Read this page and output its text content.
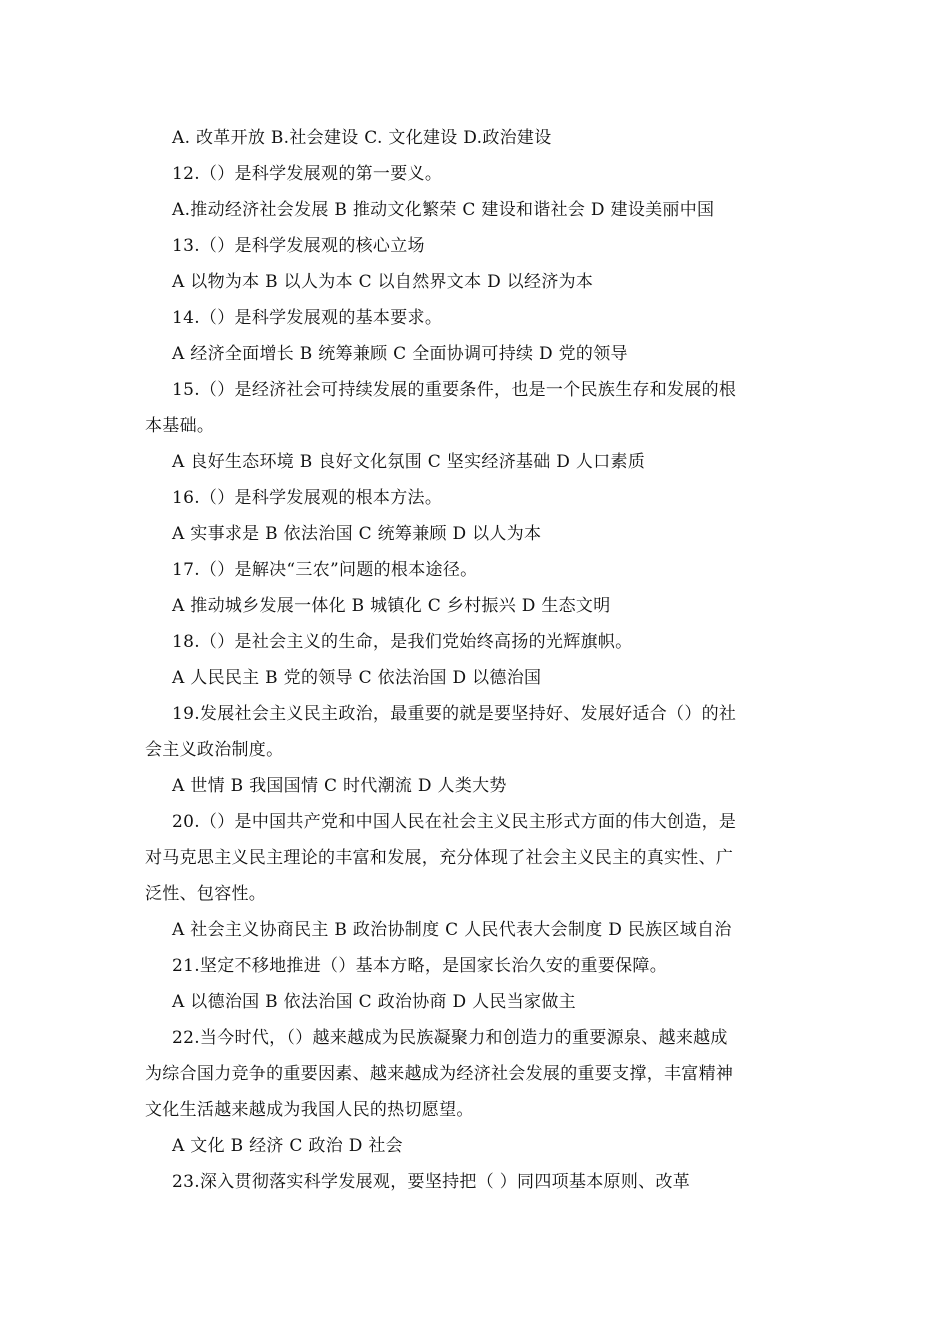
A. 改革开放 B.社会建设 C. 文化建设 D.政治建设
12.（）是科学发展观的第一要义。
A.推动经济社会发展 B 推动文化繁荣 C 建设和谐社会 D 建设美丽中国
13.（）是科学发展观的核心立场
A 以物为本 B 以人为本 C 以自然界文本 D 以经济为本
14.（）是科学发展观的基本要求。
A 经济全面增长 B 统筹兼顾 C 全面协调可持续 D 党的领导
15.（）是经济社会可持续发展的重要条件，也是一个民族生存和发展的根
本基础。
A 良好生态环境 B 良好文化氛围 C 坚实经济基础 D 人口素质
16.（）是科学发展观的根本方法。
A 实事求是 B 依法治国 C 统筹兼顾 D 以人为本
17.（）是解决“三农”问题的根本途径。
A 推动城乡发展一体化 B 城镇化 C 乡村振兴 D 生态文明
18.（）是社会主义的生命，是我们党始终高扬的光辉旗帜。
A 人民民主 B 党的领导 C 依法治国 D 以德治国
19.发展社会主义民主政治，最重要的就是要坚持好、发展好适合（）的社
会主义政治制度。
A 世情 B 我国国情 C 时代潮流 D 人类大势
20.（）是中国共产党和中国人民在社会主义民主形式方面的伟大创造，是
对马克思主义民主理论的丰富和发展，充分体现了社会主义民主的真实性、广
泛性、包容性。
A 社会主义协商民主 B 政治协制度 C 人民代表大会制度 D 民族区域自治
21.坚定不移地推进（）基本方略，是国家长治久安的重要保障。
A 以德治国 B 依法治国 C 政治协商 D 人民当家做主
22.当今时代，（）越来越成为民族凝聚力和创造力的重要源泉、越来越成
为综合国力竞争的重要因素、越来越成为经济社会发展的重要支撑，丰富精神
文化生活越来越成为我国人民的热切愿望。
A 文化 B 经济 C 政治 D 社会
23.深入贯彻落实科学发展观，要坚持把（ ）同四项基本原则、改革
